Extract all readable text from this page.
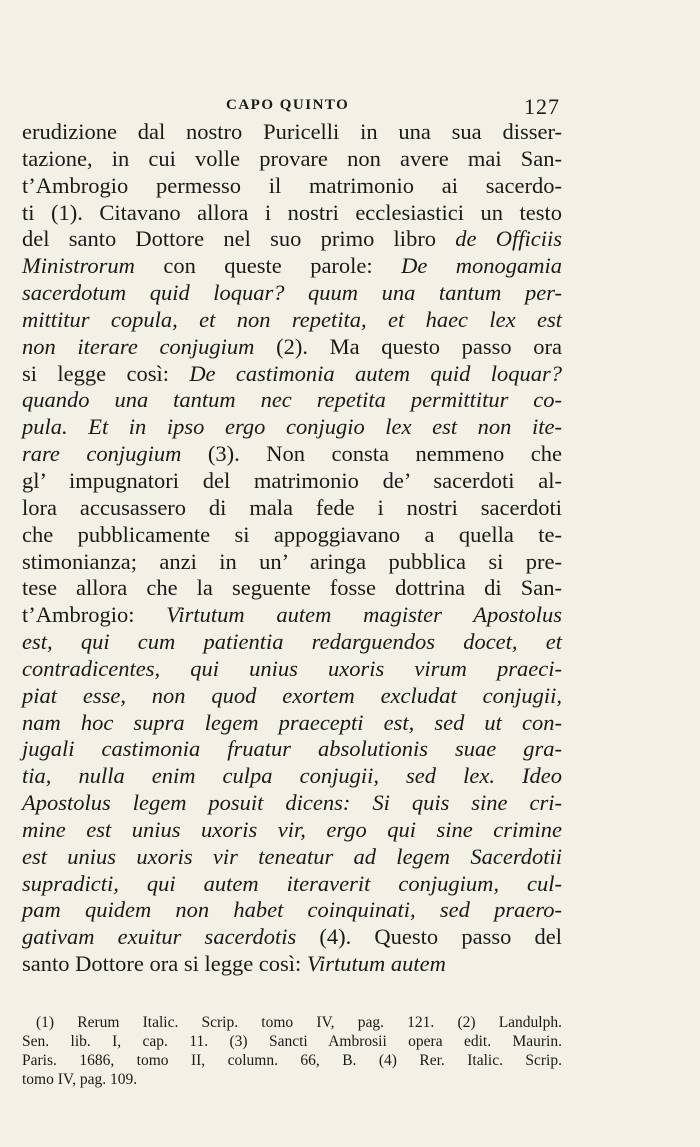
CAPO QUINTO	127

erudizione dal nostro Puricelli in una sua disser-

tazione, in cui volle provare non avere mai San-

t’Ambrogio permesso il matrimonio ai sacerdo-

ti (1). Citavano allora i nostri ecclesiastici un testo

del santo Dottore nel suo primo libro de Officiis

Ministrorum con queste parole: De monogamia

sacerdotum quid loquar? quum una tantum per-

mittitur copula, et non repetita, et haec lex est

non iterare conjugium (2). Ma questo passo ora

si legge così: De castimonia autem quid loquar?

quando una tantum nec repetita permittitur co-

pula. Et in ipso ergo conjugio lex est non ite-

rare conjugium (3). Non consta nemmeno che

gl’ impugnatori del matrimonio de’ sacerdoti al-

lora accusassero di mala fede i nostri sacerdoti

che pubblicamente si appoggiavano a quella te-

stimonianza; anzi in un’ aringa pubblica si pre-

tese allora che la seguente fosse dottrina di San-

t’Ambrogio: Virtutum autem magister Apostolus

est, qui cum patientia redarguendos docet, et

contradicentes, qui unius uxoris virum praeci-

piat esse, non quod exortem excludat conjugii,

nam hoc supra legem praecepti est, sed ut con-

jugali castimonia fruatur absolutionis suae gra-

tia, nulla enim culpa conjugii, sed lex. Ideo

Apostolus legem posuit dicens: Si quis sine cri-

mine est unius uxoris vir, ergo qui sine crimine

est unius uxoris vir teneatur ad legem Sacerdotii

supradicti, qui autem iteraverit conjugium, cul-

pam quidem non habet coinquinati, sed praero-

gativam exuitur sacerdotis (4). Questo passo del

santo Dottore ora si legge così: Virtutum autem

(1) Rerum Italic. Scrip. tomo IV, pag. 121. (2) Landulph.

Sen. lib. I, cap. 11. (3) Sancti Ambrosii opera edit. Maurin.

Paris. 1686, tomo II, column. 66, B. (4) Rer. Italic. Scrip.

tomo IV, pag. 109.
